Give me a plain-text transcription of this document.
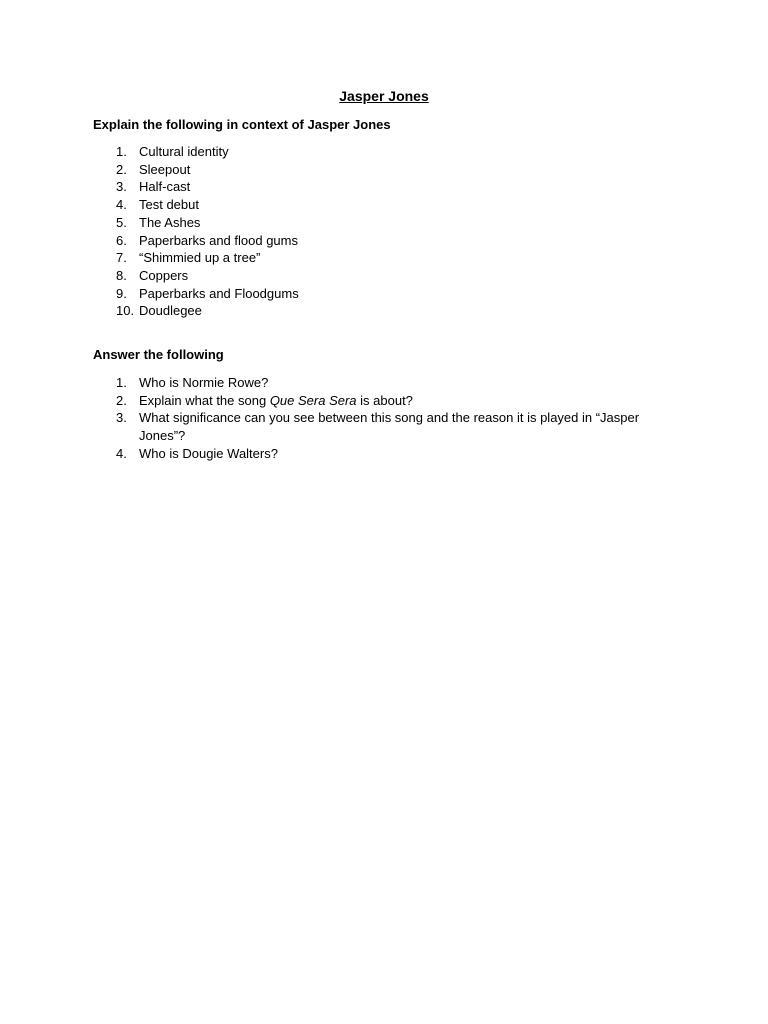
Jasper Jones
Explain the following in context of Jasper Jones
1. Cultural identity
2. Sleepout
3. Half-cast
4. Test debut
5. The Ashes
6. Paperbarks and flood gums
7. “Shimmied up a tree”
8. Coppers
9. Paperbarks and Floodgums
10. Doudlegee
Answer the following
1. Who is Normie Rowe?
2. Explain what the song Que Sera Sera is about?
3. What significance can you see between this song and the reason it is played in “Jasper Jones”?
4. Who is Dougie Walters?
